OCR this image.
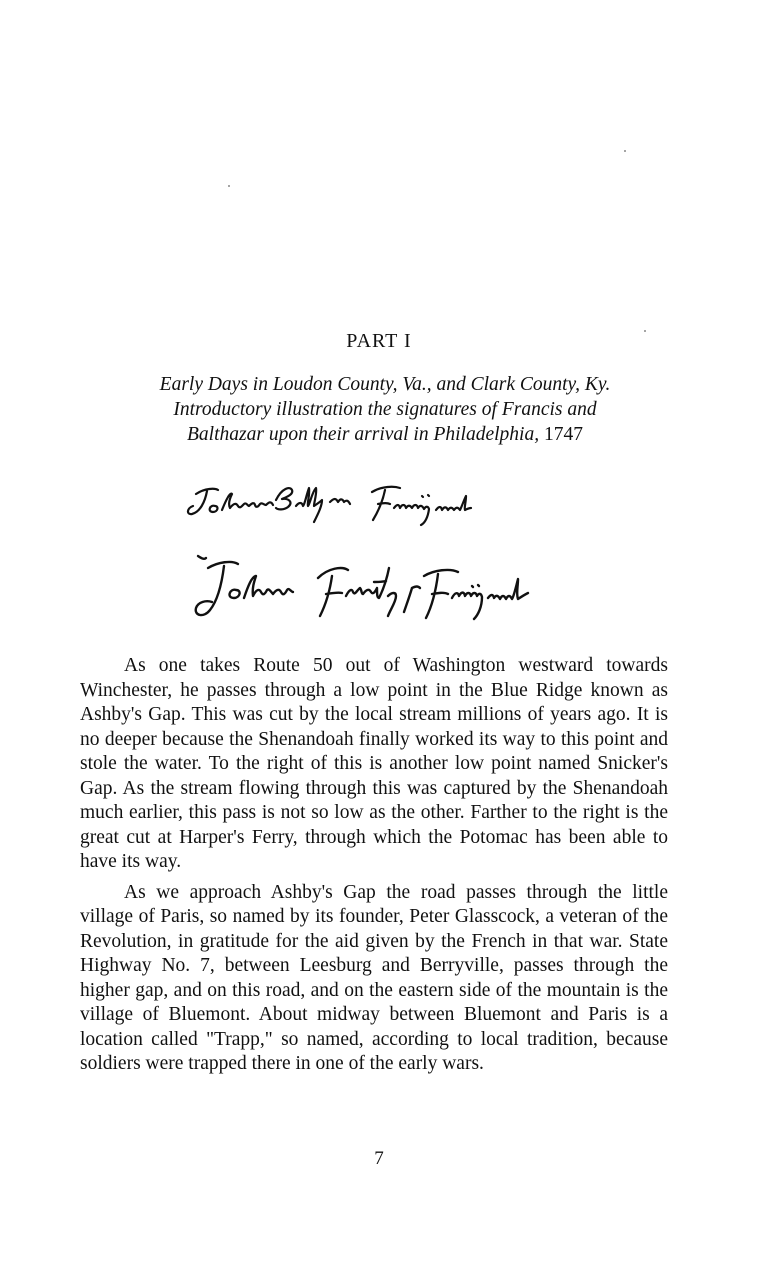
PART I
Early Days in Loudon County, Va., and Clark County, Ky.
Introductory illustration the signatures of Francis and
Balthazar upon their arrival in Philadelphia, 1747

As one takes Route 50 out of Washington westward towards Winchester, he passes through a low point in the Blue Ridge known as Ashby's Gap. This was cut by the local stream millions of years ago. It is no deeper because the Shenandoah finally worked its way to this point and stole the water. To the right of this is another low point named Snicker's Gap. As the stream flowing through this was captured by the Shenandoah much earlier, this pass is not so low as the other. Farther to the right is the great cut at Harper's Ferry, through which the Potomac has been able to have its way.

As we approach Ashby's Gap the road passes through the little village of Paris, so named by its founder, Peter Glasscock, a veteran of the Revolution, in gratitude for the aid given by the French in that war. State Highway No. 7, between Leesburg and Berryville, passes through the higher gap, and on this road, and on the eastern side of the mountain is the village of Bluemont. About midway between Bluemont and Paris is a location called "Trapp," so named, according to local tradition, because soldiers were trapped there in one of the early wars.

7
